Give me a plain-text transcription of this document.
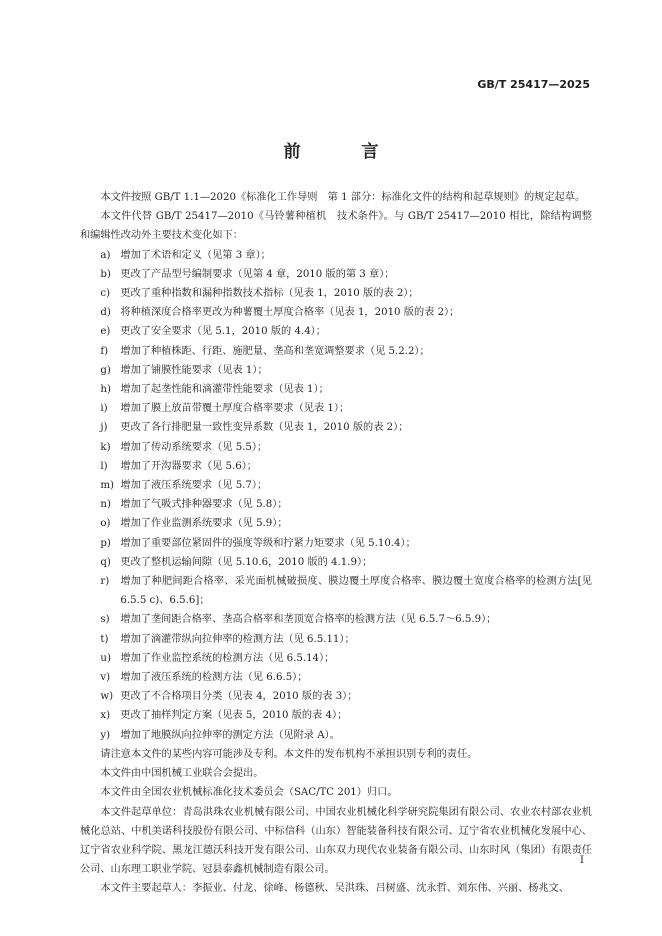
GB/T 25417—2025
前　言

本文件按照 GB/T 1.1—2020《标准化工作导则　第 1 部分：标准化文件的结构和起草规则》的规定起草。

本文件代替 GB/T 25417—2010《马铃薯种植机　技术条件》。与 GB/T 25417—2010 相比，除结构调整和编辑性改动外主要技术变化如下：

a) 增加了术语和定义（见第 3 章）；
b) 更改了产品型号编制要求（见第 4 章，2010 版的第 3 章）；
c)	更改了重种指数和漏种指数技术指标（见表 1，2010 版的表 2）；
d) 将种植深度合格率更改为种薯覆土厚度合格率（见表 1，2010 版的表 2）；
e) 更改了安全要求（见 5.1，2010 版的 4.4）；
f)	增加了种植株距、行距、施肥量、垄高和垄宽调整要求（见 5.2.2）；
g) 增加了铺膜性能要求（见表 1）；
h) 增加了起垄性能和滴灌带性能要求（见表 1）；
i)	增加了膜上放苗带覆土厚度合格率要求（见表 1）；
j)	更改了各行排肥量一致性变异系数（见表 1，2010 版的表 2）；
k) 增加了传动系统要求（见 5.5）；
l)	增加了开沟器要求（见 5.6）；
m) 增加了液压系统要求（见 5.7）；
n) 增加了气吸式排种器要求（见 5.8）；
o) 增加了作业监测系统要求（见 5.9）；
p) 增加了重要部位紧固件的强度等级和拧紧力矩要求（见 5.10.4）；
q) 更改了整机运输间隙（见 5.10.6，2010 版的 4.1.9）；
r)	增加了种肥间距合格率、采光面机械破损度、膜边覆土厚度合格率、膜边覆土宽度合格率的检测方法[见 6.5.5 c)、6.5.6]；
s)	增加了垄间距合格率、垄高合格率和垄顶宽合格率的检测方法（见 6.5.7～6.5.9）；
t)	增加了滴灌带纵向拉伸率的检测方法（见 6.5.11）；
u) 增加了作业监控系统的检测方法（见 6.5.14）；
v)	增加了液压系统的检测方法（见 6.6.5）；
w) 更改了不合格项目分类（见表 4，2010 版的表 3）；
x)	更改了抽样判定方案（见表 5，2010 版的表 4）；
y)	增加了地膜纵向拉伸率的测定方法（见附录 A）。

请注意本文件的某些内容可能涉及专利。本文件的发布机构不承担识别专利的责任。

本文件由中国机械工业联合会提出。

本文件由全国农业机械标准化技术委员会（SAC/TC 201）归口。

本文件起草单位：青岛洪珠农业机械有限公司、中国农业机械化科学研究院集团有限公司、农业农村部农业机械化总站、中机美诺科技股份有限公司、中标信科（山东）智能装备科技有限公司、辽宁省农业机械化发展中心、辽宁省农业科学院、黑龙江德沃科技开发有限公司、山东双力现代农业装备有限公司、山东时风（集团）有限责任公司、山东理工职业学院、冠县泰鑫机械制造有限公司。

本文件主要起草人：李振业、付龙、徐峰、杨德秋、吴洪珠、吕树盛、沈永哲、刘东伟、兴丽、杨兆文、

I
